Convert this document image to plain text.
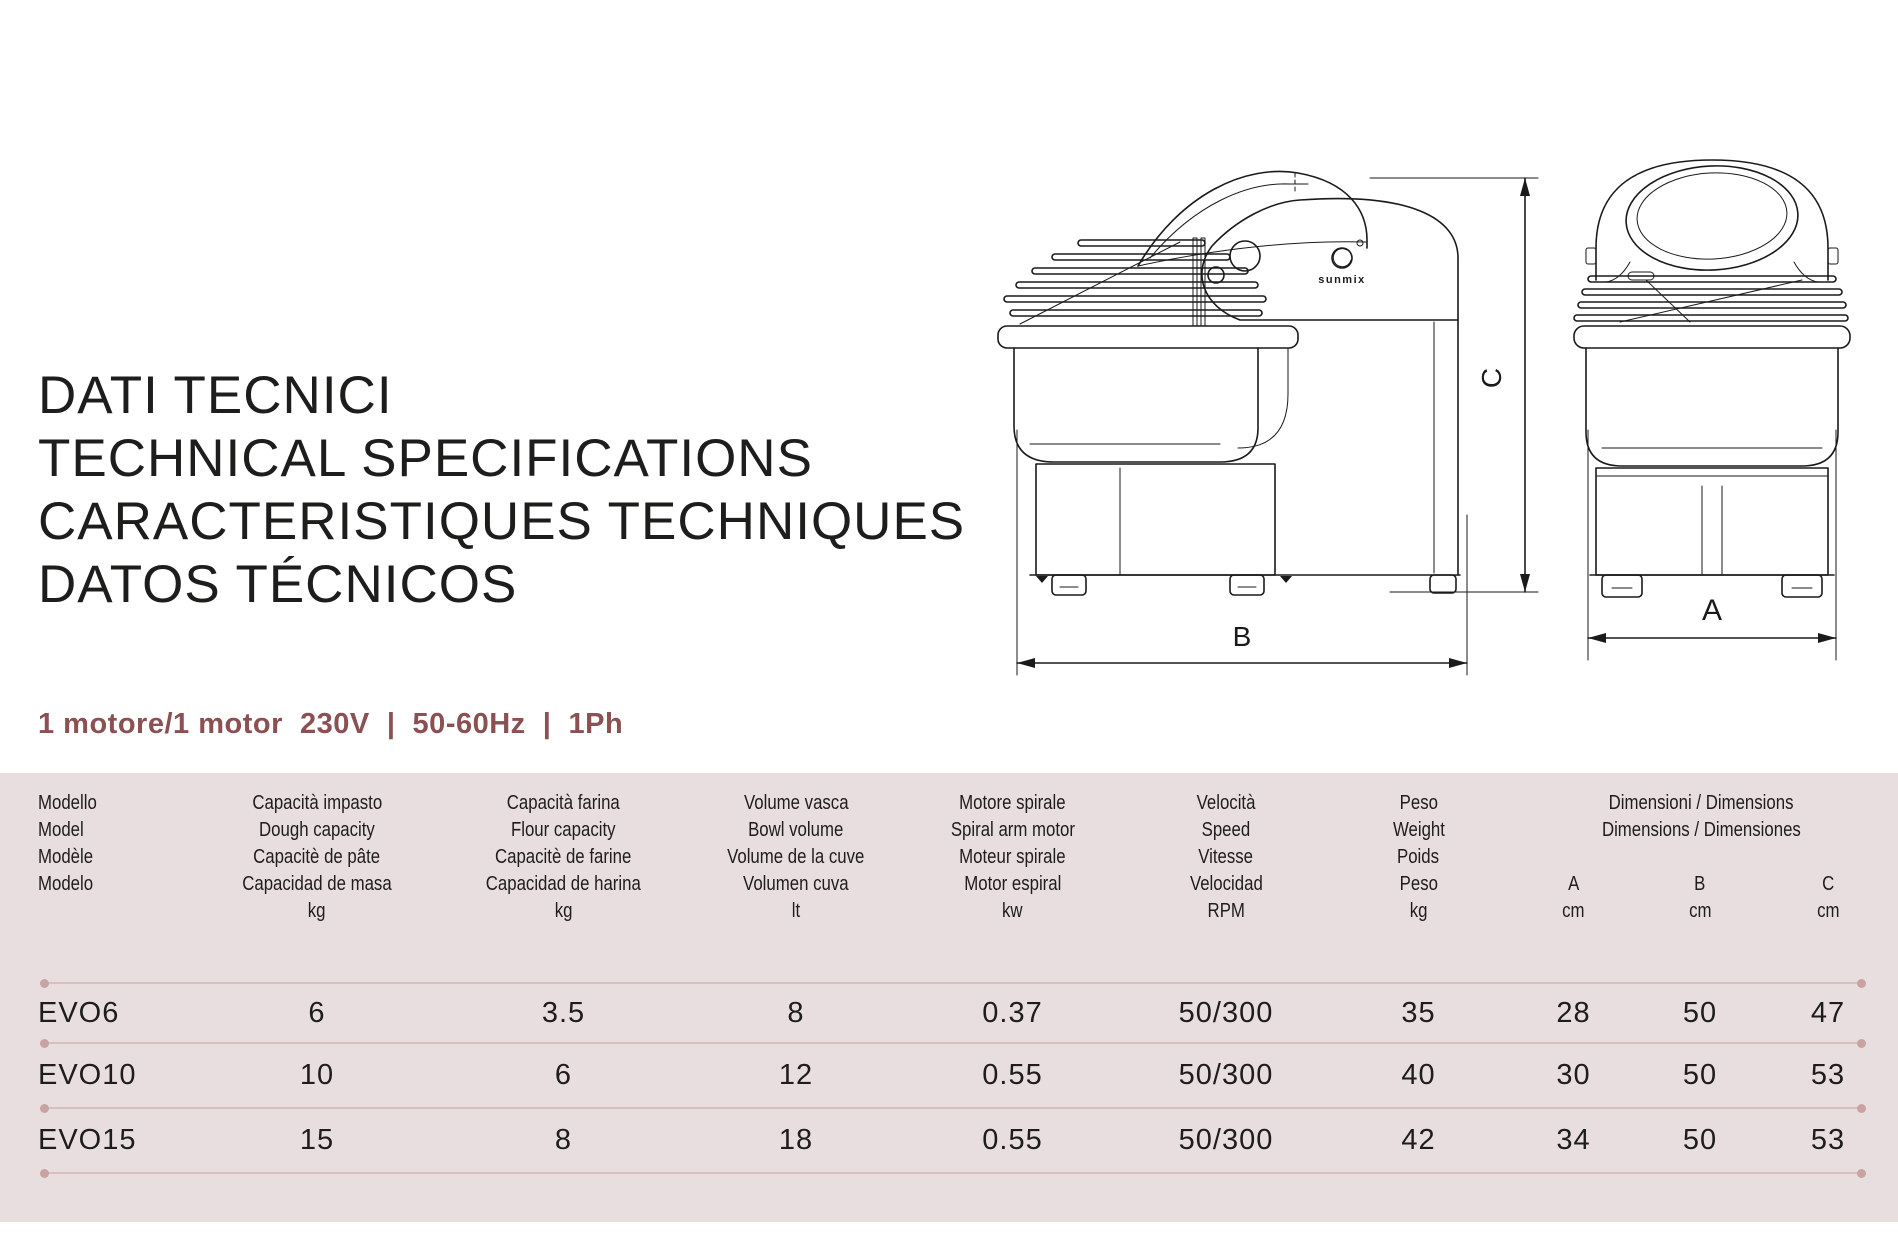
DATI TECNICI
TECHNICAL SPECIFICATIONS
CARACTERISTIQUES TECHNIQUES
DATOS TÉCNICOS
1 motore/1 motor  230V  |  50-60Hz  |  1Ph
sunmix
B
C
A
Modello
Model
Modèle
Modelo
Capacità impasto
Dough capacity
Capacitè de pâte
Capacidad de masa
kg
Capacità farina
Flour capacity
Capacitè de farine
Capacidad de harina
kg
Volume vasca
Bowl volume
Volume de la cuve
Volumen cuva
lt
Motore spirale
Spiral arm motor
Moteur spirale
Motor espiral
kw
Velocità
Speed
Vitesse
Velocidad
RPM
Peso
Weight
Poids
Peso
kg
A
cm
B
cm
C
cm
Dimensioni / Dimensions
Dimensions / Dimensiones
EVO6	6	3.5	8	0.37	50/300	35	28	50	47
EVO10	10	6	12	0.55	50/300	40	30	50	53
EVO15	15	8	18	0.55	50/300	42	34	50	53
